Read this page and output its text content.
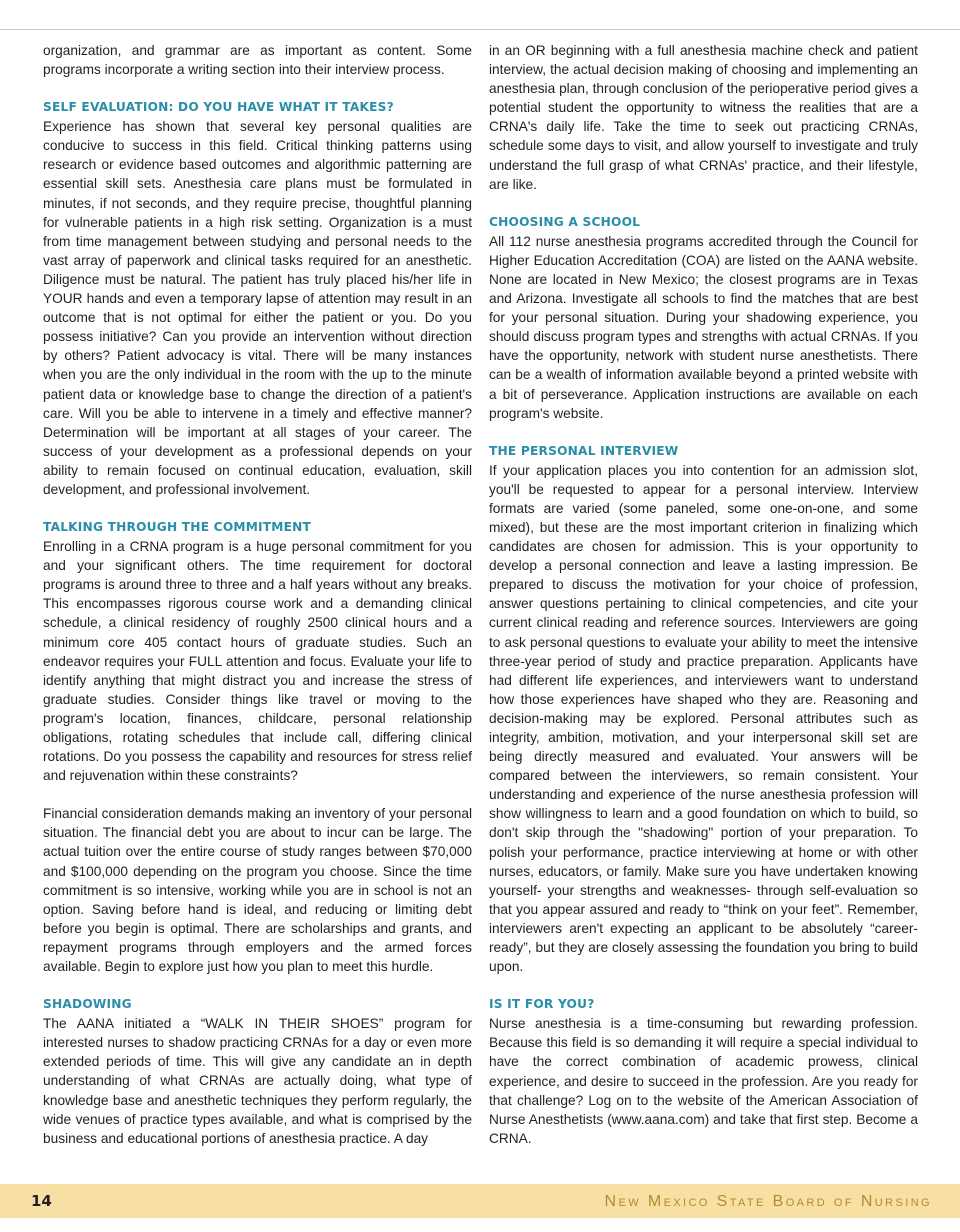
organization, and grammar are as important as content. Some programs incorporate a writing section into their interview process.

SELF EVALUATION: DO YOU HAVE WHAT IT TAKES?

Experience has shown that several key personal qualities are conducive to success in this field. Critical thinking patterns using research or evidence based outcomes and algorithmic patterning are essential skill sets. Anesthesia care plans must be formulated in minutes, if not seconds, and they require precise, thoughtful planning for vulnerable patients in a high risk setting. Organization is a must from time management between studying and personal needs to the vast array of paperwork and clinical tasks required for an anesthetic. Diligence must be natural. The patient has truly placed his/her life in YOUR hands and even a temporary lapse of attention may result in an outcome that is not optimal for either the patient or you. Do you possess initiative? Can you provide an intervention without direction by others? Patient advocacy is vital. There will be many instances when you are the only individual in the room with the up to the minute patient data or knowledge base to change the direction of a patient's care. Will you be able to intervene in a timely and effective manner? Determination will be important at all stages of your career. The success of your development as a professional depends on your ability to remain focused on continual education, evaluation, skill development, and professional involvement.

TALKING THROUGH THE COMMITMENT

Enrolling in a CRNA program is a huge personal commitment for you and your significant others. The time requirement for doctoral programs is around three to three and a half years without any breaks. This encompasses rigorous course work and a demanding clinical schedule, a clinical residency of roughly 2500 clinical hours and a minimum core 405 contact hours of graduate studies. Such an endeavor requires your FULL attention and focus. Evaluate your life to identify anything that might distract you and increase the stress of graduate studies. Consider things like travel or moving to the program's location, finances, childcare, personal relationship obligations, rotating schedules that include call, differing clinical rotations. Do you possess the capability and resources for stress relief and rejuvenation within these constraints?

Financial consideration demands making an inventory of your personal situation. The financial debt you are about to incur can be large. The actual tuition over the entire course of study ranges between $70,000 and $100,000 depending on the program you choose. Since the time commitment is so intensive, working while you are in school is not an option. Saving before hand is ideal, and reducing or limiting debt before you begin is optimal. There are scholarships and grants, and repayment programs through employers and the armed forces available. Begin to explore just how you plan to meet this hurdle.

SHADOWING

The AANA initiated a “WALK IN THEIR SHOES” program for interested nurses to shadow practicing CRNAs for a day or even more extended periods of time. This will give any candidate an in depth understanding of what CRNAs are actually doing, what type of knowledge base and anesthetic techniques they perform regularly, the wide venues of practice types available, and what is comprised by the business and educational portions of anesthesia practice. A day

in an OR beginning with a full anesthesia machine check and patient interview, the actual decision making of choosing and implementing an anesthesia plan, through conclusion of the perioperative period gives a potential student the opportunity to witness the realities that are a CRNA's daily life. Take the time to seek out practicing CRNAs, schedule some days to visit, and allow yourself to investigate and truly understand the full grasp of what CRNAs' practice, and their lifestyle, are like.

CHOOSING A SCHOOL

All 112 nurse anesthesia programs accredited through the Council for Higher Education Accreditation (COA) are listed on the AANA website. None are located in New Mexico; the closest programs are in Texas and Arizona. Investigate all schools to find the matches that are best for your personal situation. During your shadowing experience, you should discuss program types and strengths with actual CRNAs. If you have the opportunity, network with student nurse anesthetists. There can be a wealth of information available beyond a printed website with a bit of perseverance. Application instructions are available on each program's website.

THE PERSONAL INTERVIEW

If your application places you into contention for an admission slot, you'll be requested to appear for a personal interview. Interview formats are varied (some paneled, some one-on-one, and some mixed), but these are the most important criterion in finalizing which candidates are chosen for admission. This is your opportunity to develop a personal connection and leave a lasting impression. Be prepared to discuss the motivation for your choice of profession, answer questions pertaining to clinical competencies, and cite your current clinical reading and reference sources. Interviewers are going to ask personal questions to evaluate your ability to meet the intensive three-year period of study and practice preparation. Applicants have had different life experiences, and interviewers want to understand how those experiences have shaped who they are. Reasoning and decision-making may be explored. Personal attributes such as integrity, ambition, motivation, and your interpersonal skill set are being directly measured and evaluated. Your answers will be compared between the interviewers, so remain consistent. Your understanding and experience of the nurse anesthesia profession will show willingness to learn and a good foundation on which to build, so don't skip through the "shadowing" portion of your preparation. To polish your performance, practice interviewing at home or with other nurses, educators, or family. Make sure you have undertaken knowing yourself- your strengths and weaknesses- through self-evaluation so that you appear assured and ready to “think on your feet”. Remember, interviewers aren't expecting an applicant to be absolutely “career-ready”, but they are closely assessing the foundation you bring to build upon.

IS IT FOR YOU?

Nurse anesthesia is a time-consuming but rewarding profession. Because this field is so demanding it will require a special individual to have the correct combination of academic prowess, clinical experience, and desire to succeed in the profession. Are you ready for that challenge? Log on to the website of the American Association of Nurse Anesthetists (www.aana.com) and take that first step. Become a CRNA.

14	New Mexico State Board of Nursing
